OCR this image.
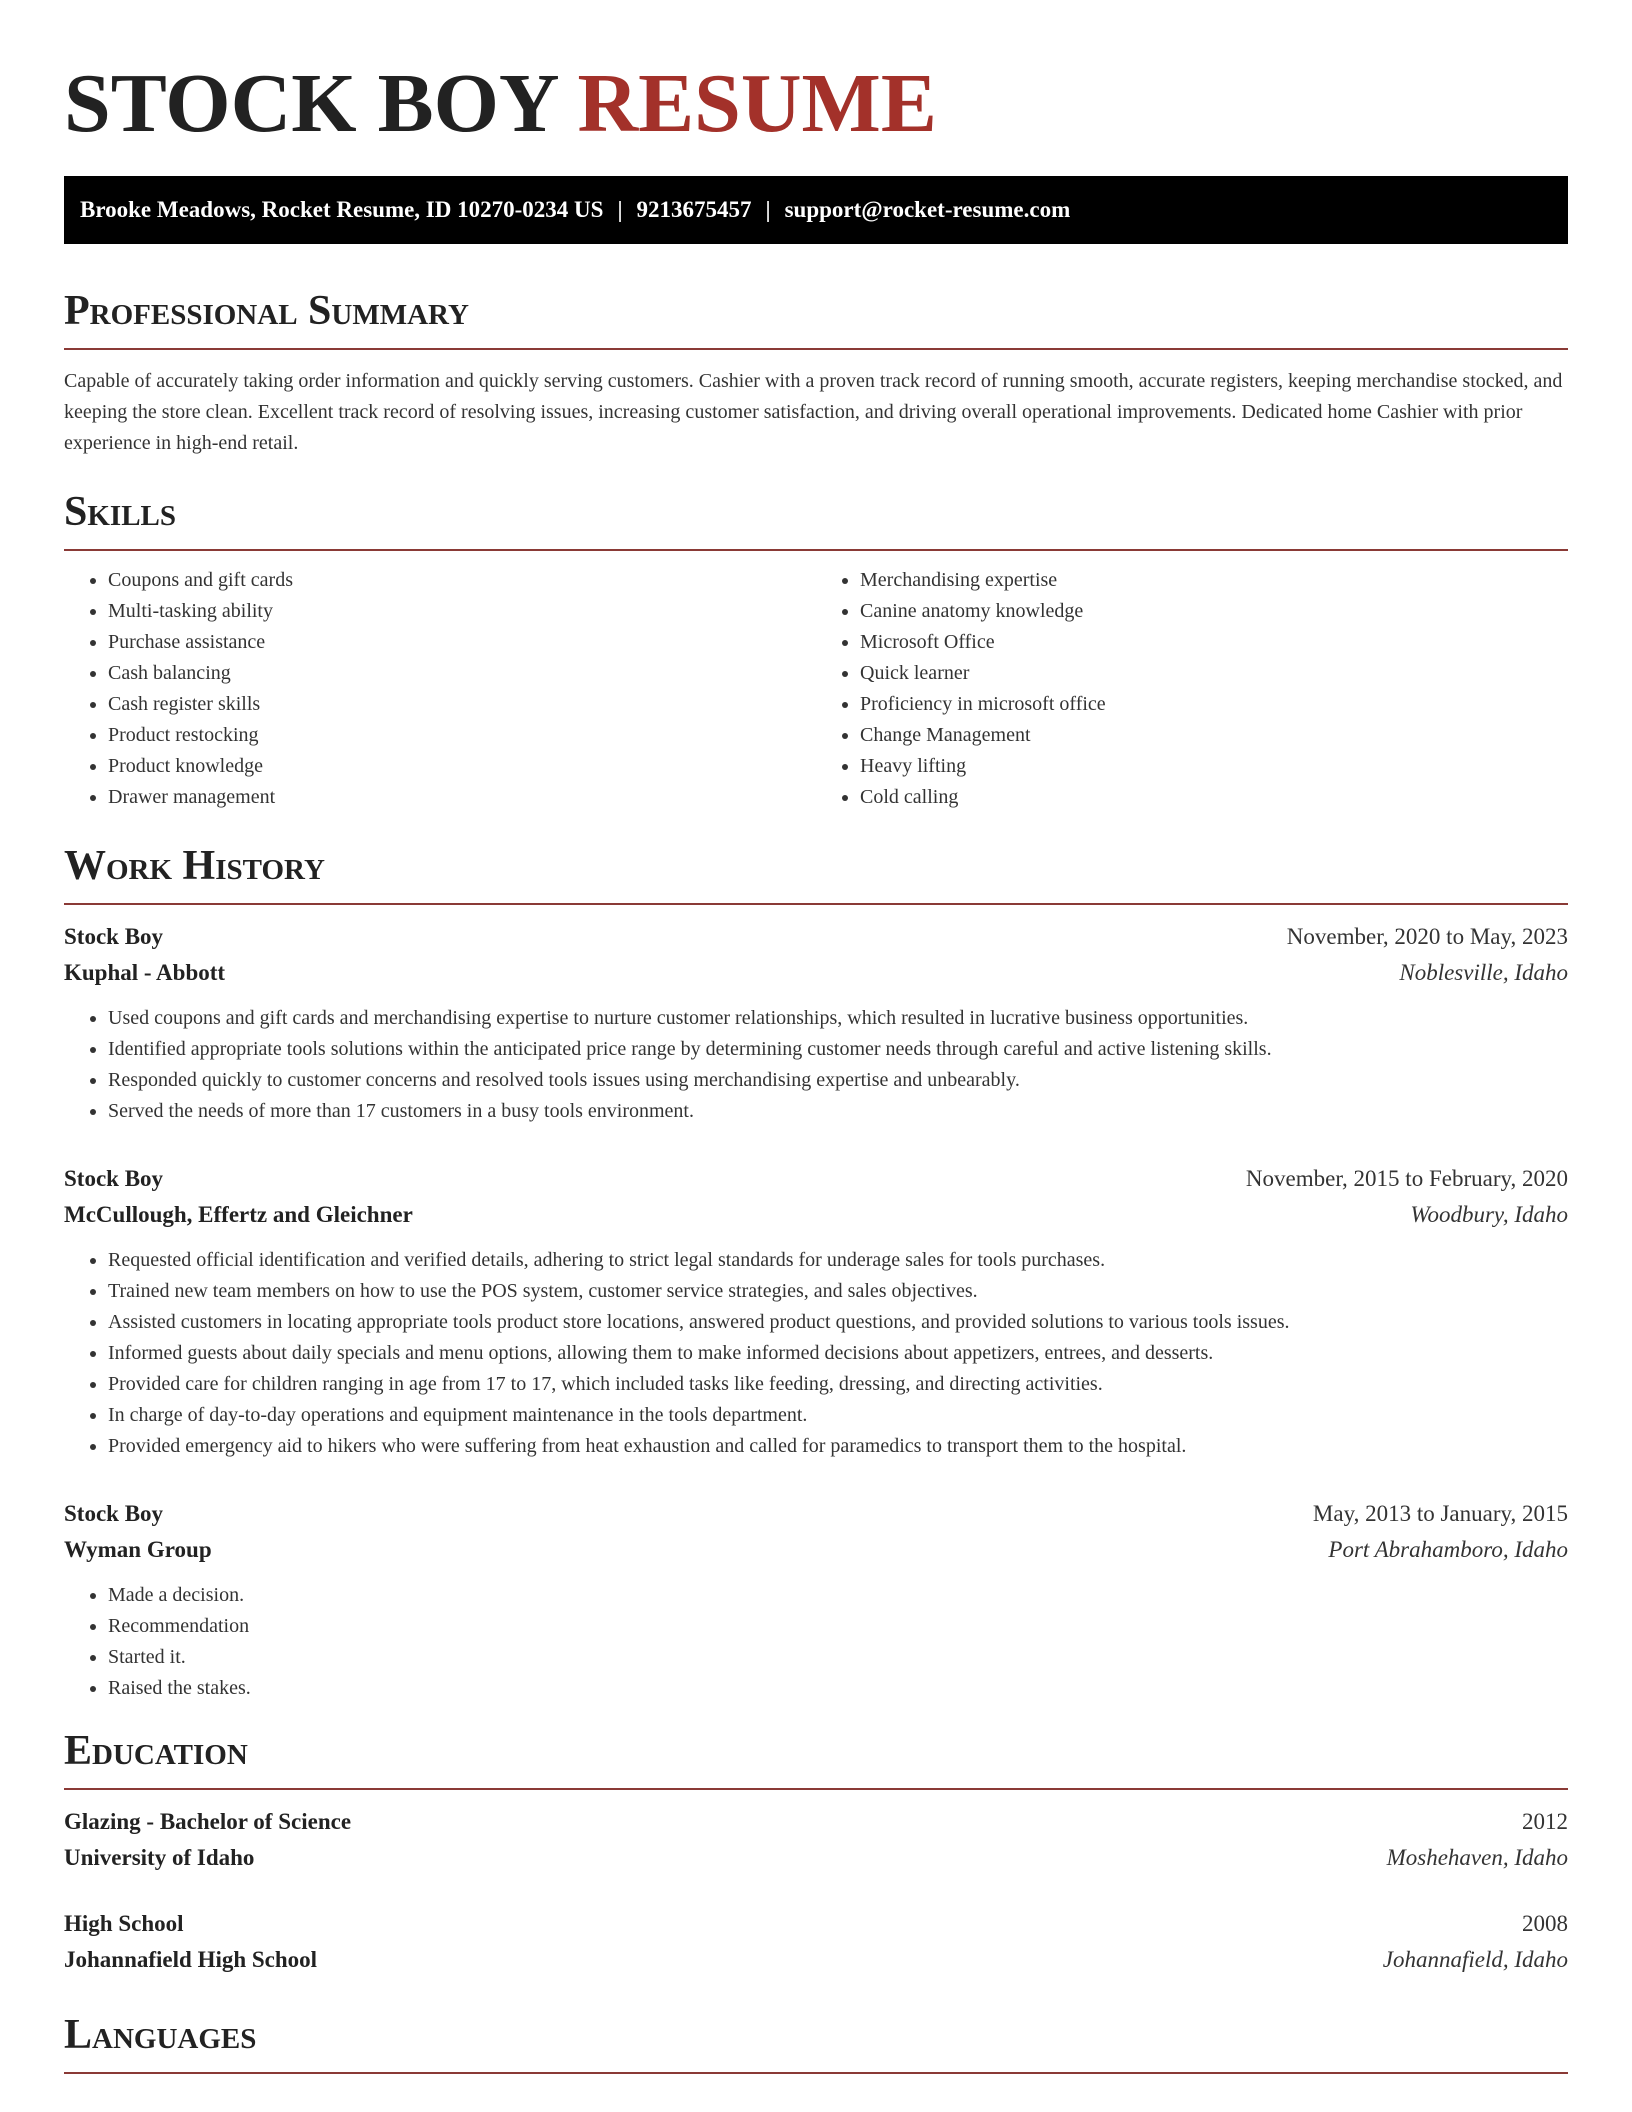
STOCK BOY RESUME
Brooke Meadows, Rocket Resume, ID 10270-0234 US | 9213675457 | support@rocket-resume.com
Professional Summary

Capable of accurately taking order information and quickly serving customers. Cashier with a proven track record of running smooth, accurate registers, keeping merchandise stocked, and keeping the store clean. Excellent track record of resolving issues, increasing customer satisfaction, and driving overall operational improvements. Dedicated home Cashier with prior experience in high-end retail.

Skills
• Coupons and gift cards
• Multi-tasking ability
• Purchase assistance
• Cash balancing
• Cash register skills
• Product restocking
• Product knowledge
• Drawer management
• Merchandising expertise
• Canine anatomy knowledge
• Microsoft Office
• Quick learner
• Proficiency in microsoft office
• Change Management
• Heavy lifting
• Cold calling
Work History
Stock Boy	November, 2020 to May, 2023
Kuphal - Abbott	Noblesville, Idaho
• Used coupons and gift cards and merchandising expertise to nurture customer relationships, which resulted in lucrative business opportunities.
• Identified appropriate tools solutions within the anticipated price range by determining customer needs through careful and active listening skills.
• Responded quickly to customer concerns and resolved tools issues using merchandising expertise and unbearably.
• Served the needs of more than 17 customers in a busy tools environment.
Stock Boy	November, 2015 to February, 2020
McCullough, Effertz and Gleichner	Woodbury, Idaho
• Requested official identification and verified details, adhering to strict legal standards for underage sales for tools purchases.
• Trained new team members on how to use the POS system, customer service strategies, and sales objectives.
• Assisted customers in locating appropriate tools product store locations, answered product questions, and provided solutions to various tools issues.
• Informed guests about daily specials and menu options, allowing them to make informed decisions about appetizers, entrees, and desserts.
• Provided care for children ranging in age from 17 to 17, which included tasks like feeding, dressing, and directing activities.
• In charge of day-to-day operations and equipment maintenance in the tools department.
• Provided emergency aid to hikers who were suffering from heat exhaustion and called for paramedics to transport them to the hospital.
Stock Boy	May, 2013 to January, 2015
Wyman Group	Port Abrahamboro, Idaho
• Made a decision.
• Recommendation
• Started it.
• Raised the stakes.
Education
Glazing - Bachelor of Science	2012
University of Idaho	Moshehaven, Idaho
High School	2008
Johannafield High School	Johannafield, Idaho
Languages
